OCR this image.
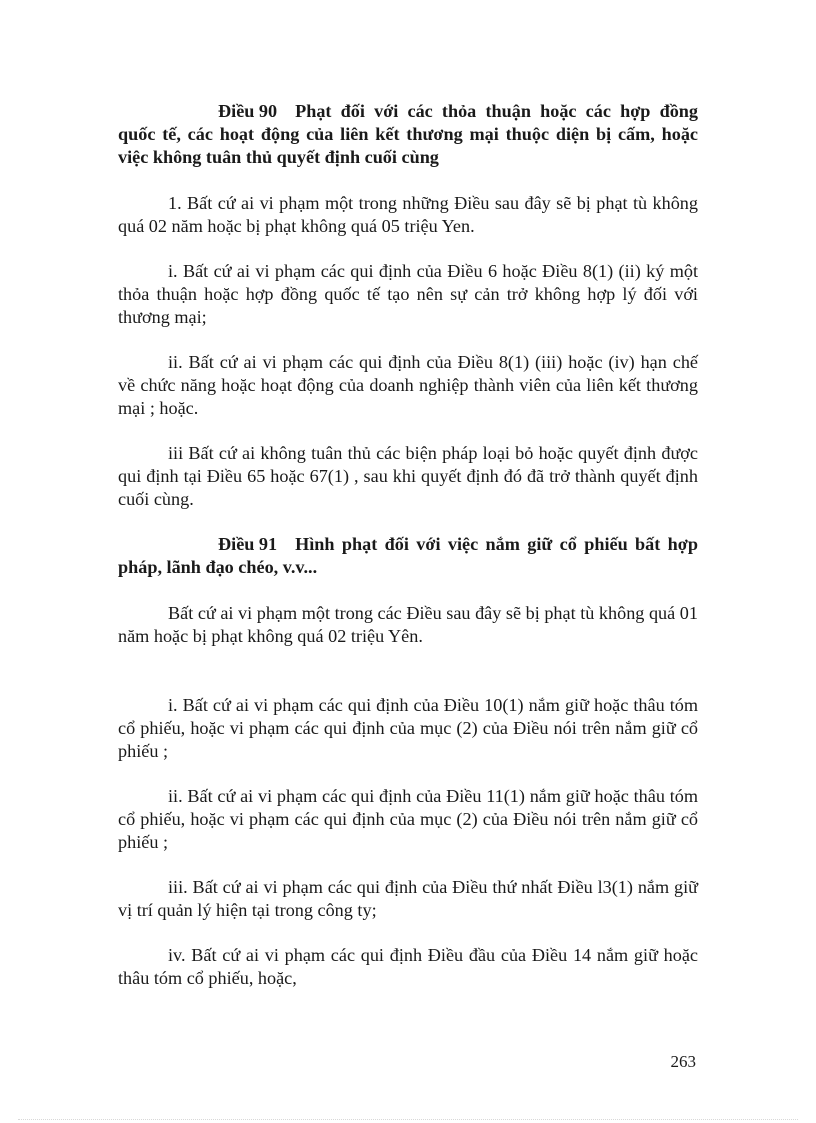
Điều 90 Phạt đối với các thỏa thuận hoặc các hợp đồng quốc tế, các hoạt động của liên kết thương mại thuộc diện bị cấm, hoặc việc không tuân thủ quyết định cuối cùng

1. Bất cứ ai vi phạm một trong những Điều sau đây sẽ bị phạt tù không quá 02 năm hoặc bị phạt không quá 05 triệu Yen.

i. Bất cứ ai vi phạm các qui định của Điều 6 hoặc Điều 8(1) (ii) ký một thỏa thuận hoặc hợp đồng quốc tế tạo nên sự cản trở không hợp lý đối với thương mại;

ii. Bất cứ ai vi phạm các qui định của Điều 8(1) (iii) hoặc (iv) hạn chế về chức năng hoặc hoạt động của doanh nghiệp thành viên của liên kết thương mại ; hoặc.

iii Bất cứ ai không tuân thủ các biện pháp loại bỏ hoặc quyết định được qui định tại Điều 65 hoặc 67(1) , sau khi quyết định đó đã trở thành quyết định cuối cùng.

Điều 91 Hình phạt đối với việc nắm giữ cổ phiếu bất hợp pháp, lãnh đạo chéo, v.v...

Bất cứ ai vi phạm một trong các Điều sau đây sẽ bị phạt tù không quá 01 năm hoặc bị phạt không quá 02 triệu Yên.

i. Bất cứ ai vi phạm các qui định của Điều 10(1) nắm giữ hoặc thâu tóm cổ phiếu, hoặc vi phạm các qui định của mục (2) của Điều nói trên nắm giữ cổ phiếu ;

ii. Bất cứ ai vi phạm các qui định của Điều 11(1) nắm giữ hoặc thâu tóm cổ phiếu, hoặc vi phạm các qui định của mục (2) của Điều nói trên nắm giữ cổ phiếu ;

iii. Bất cứ ai vi phạm các qui định của Điều thứ nhất Điều l3(1) nắm giữ vị trí quản lý hiện tại trong công ty;

iv. Bất cứ ai vi phạm các qui định Điều đầu của Điều 14 nắm giữ hoặc thâu tóm cổ phiếu, hoặc,

263
